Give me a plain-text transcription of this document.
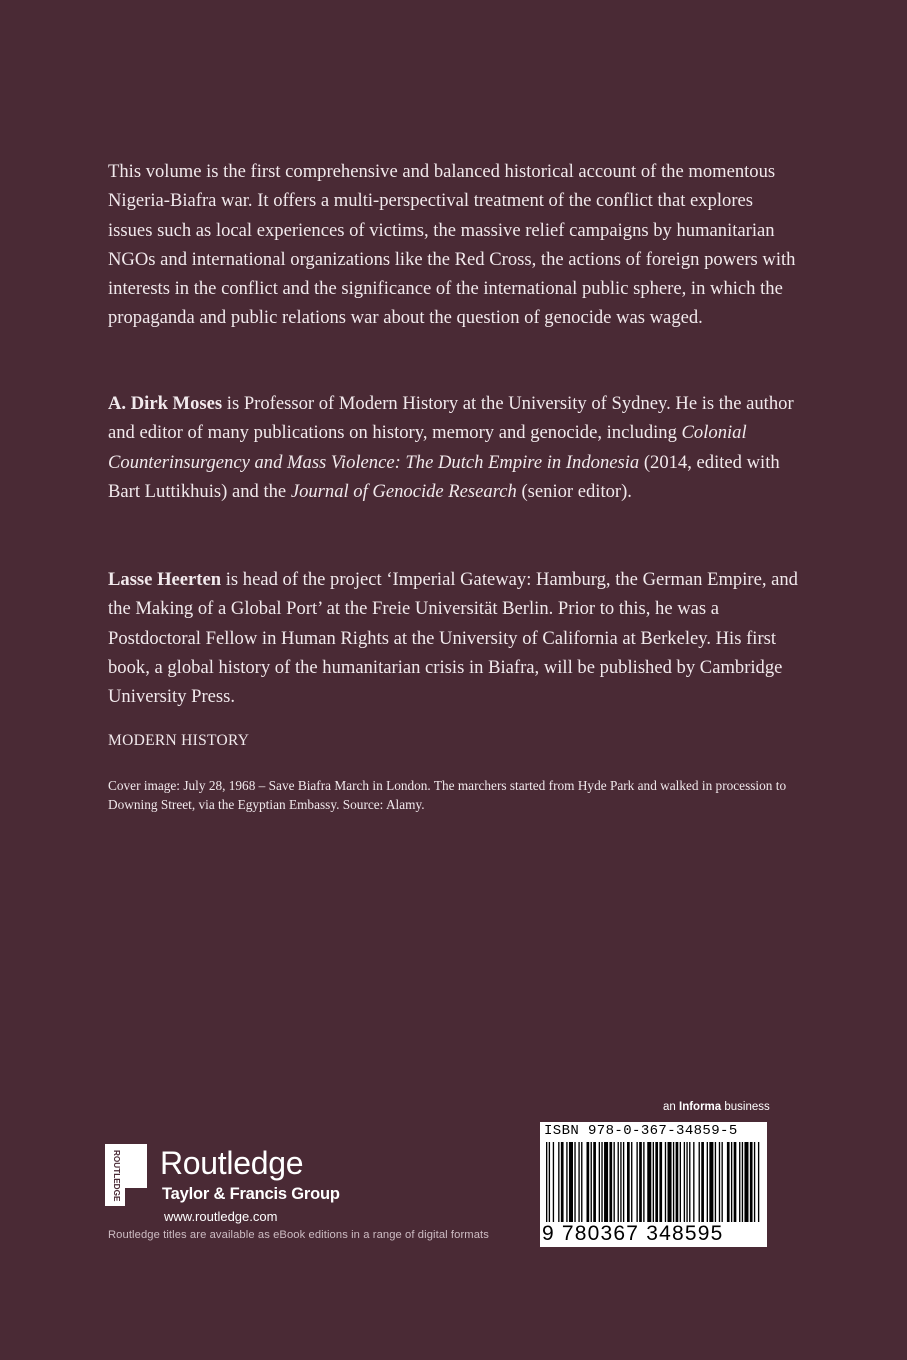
This volume is the first comprehensive and balanced historical account of the momentous Nigeria-Biafra war. It offers a multi-perspectival treatment of the conflict that explores issues such as local experiences of victims, the massive relief campaigns by humanitarian NGOs and international organizations like the Red Cross, the actions of foreign powers with interests in the conflict and the significance of the international public sphere, in which the propaganda and public relations war about the question of genocide was waged.

A. Dirk Moses is Professor of Modern History at the University of Sydney. He is the author and editor of many publications on history, memory and genocide, including Colonial Counterinsurgency and Mass Violence: The Dutch Empire in Indonesia (2014, edited with Bart Luttikhuis) and the Journal of Genocide Research (senior editor).

Lasse Heerten is head of the project ‘Imperial Gateway: Hamburg, the German Empire, and the Making of a Global Port’ at the Freie Universität Berlin. Prior to this, he was a Postdoctoral Fellow in Human Rights at the University of California at Berkeley. His first book, a global history of the humanitarian crisis in Biafra, will be published by Cambridge University Press.

MODERN HISTORY

Cover image: July 28, 1968 – Save Biafra March in London. The marchers started from Hyde Park and walked in procession to Downing Street, via the Egyptian Embassy. Source: Alamy.

ROUTLEDGE Routledge
Taylor & Francis Group
www.routledge.com
Routledge titles are available as eBook editions in a range of digital formats
an Informa business
ISBN 978-0-367-34859-5
9 780367 348595
